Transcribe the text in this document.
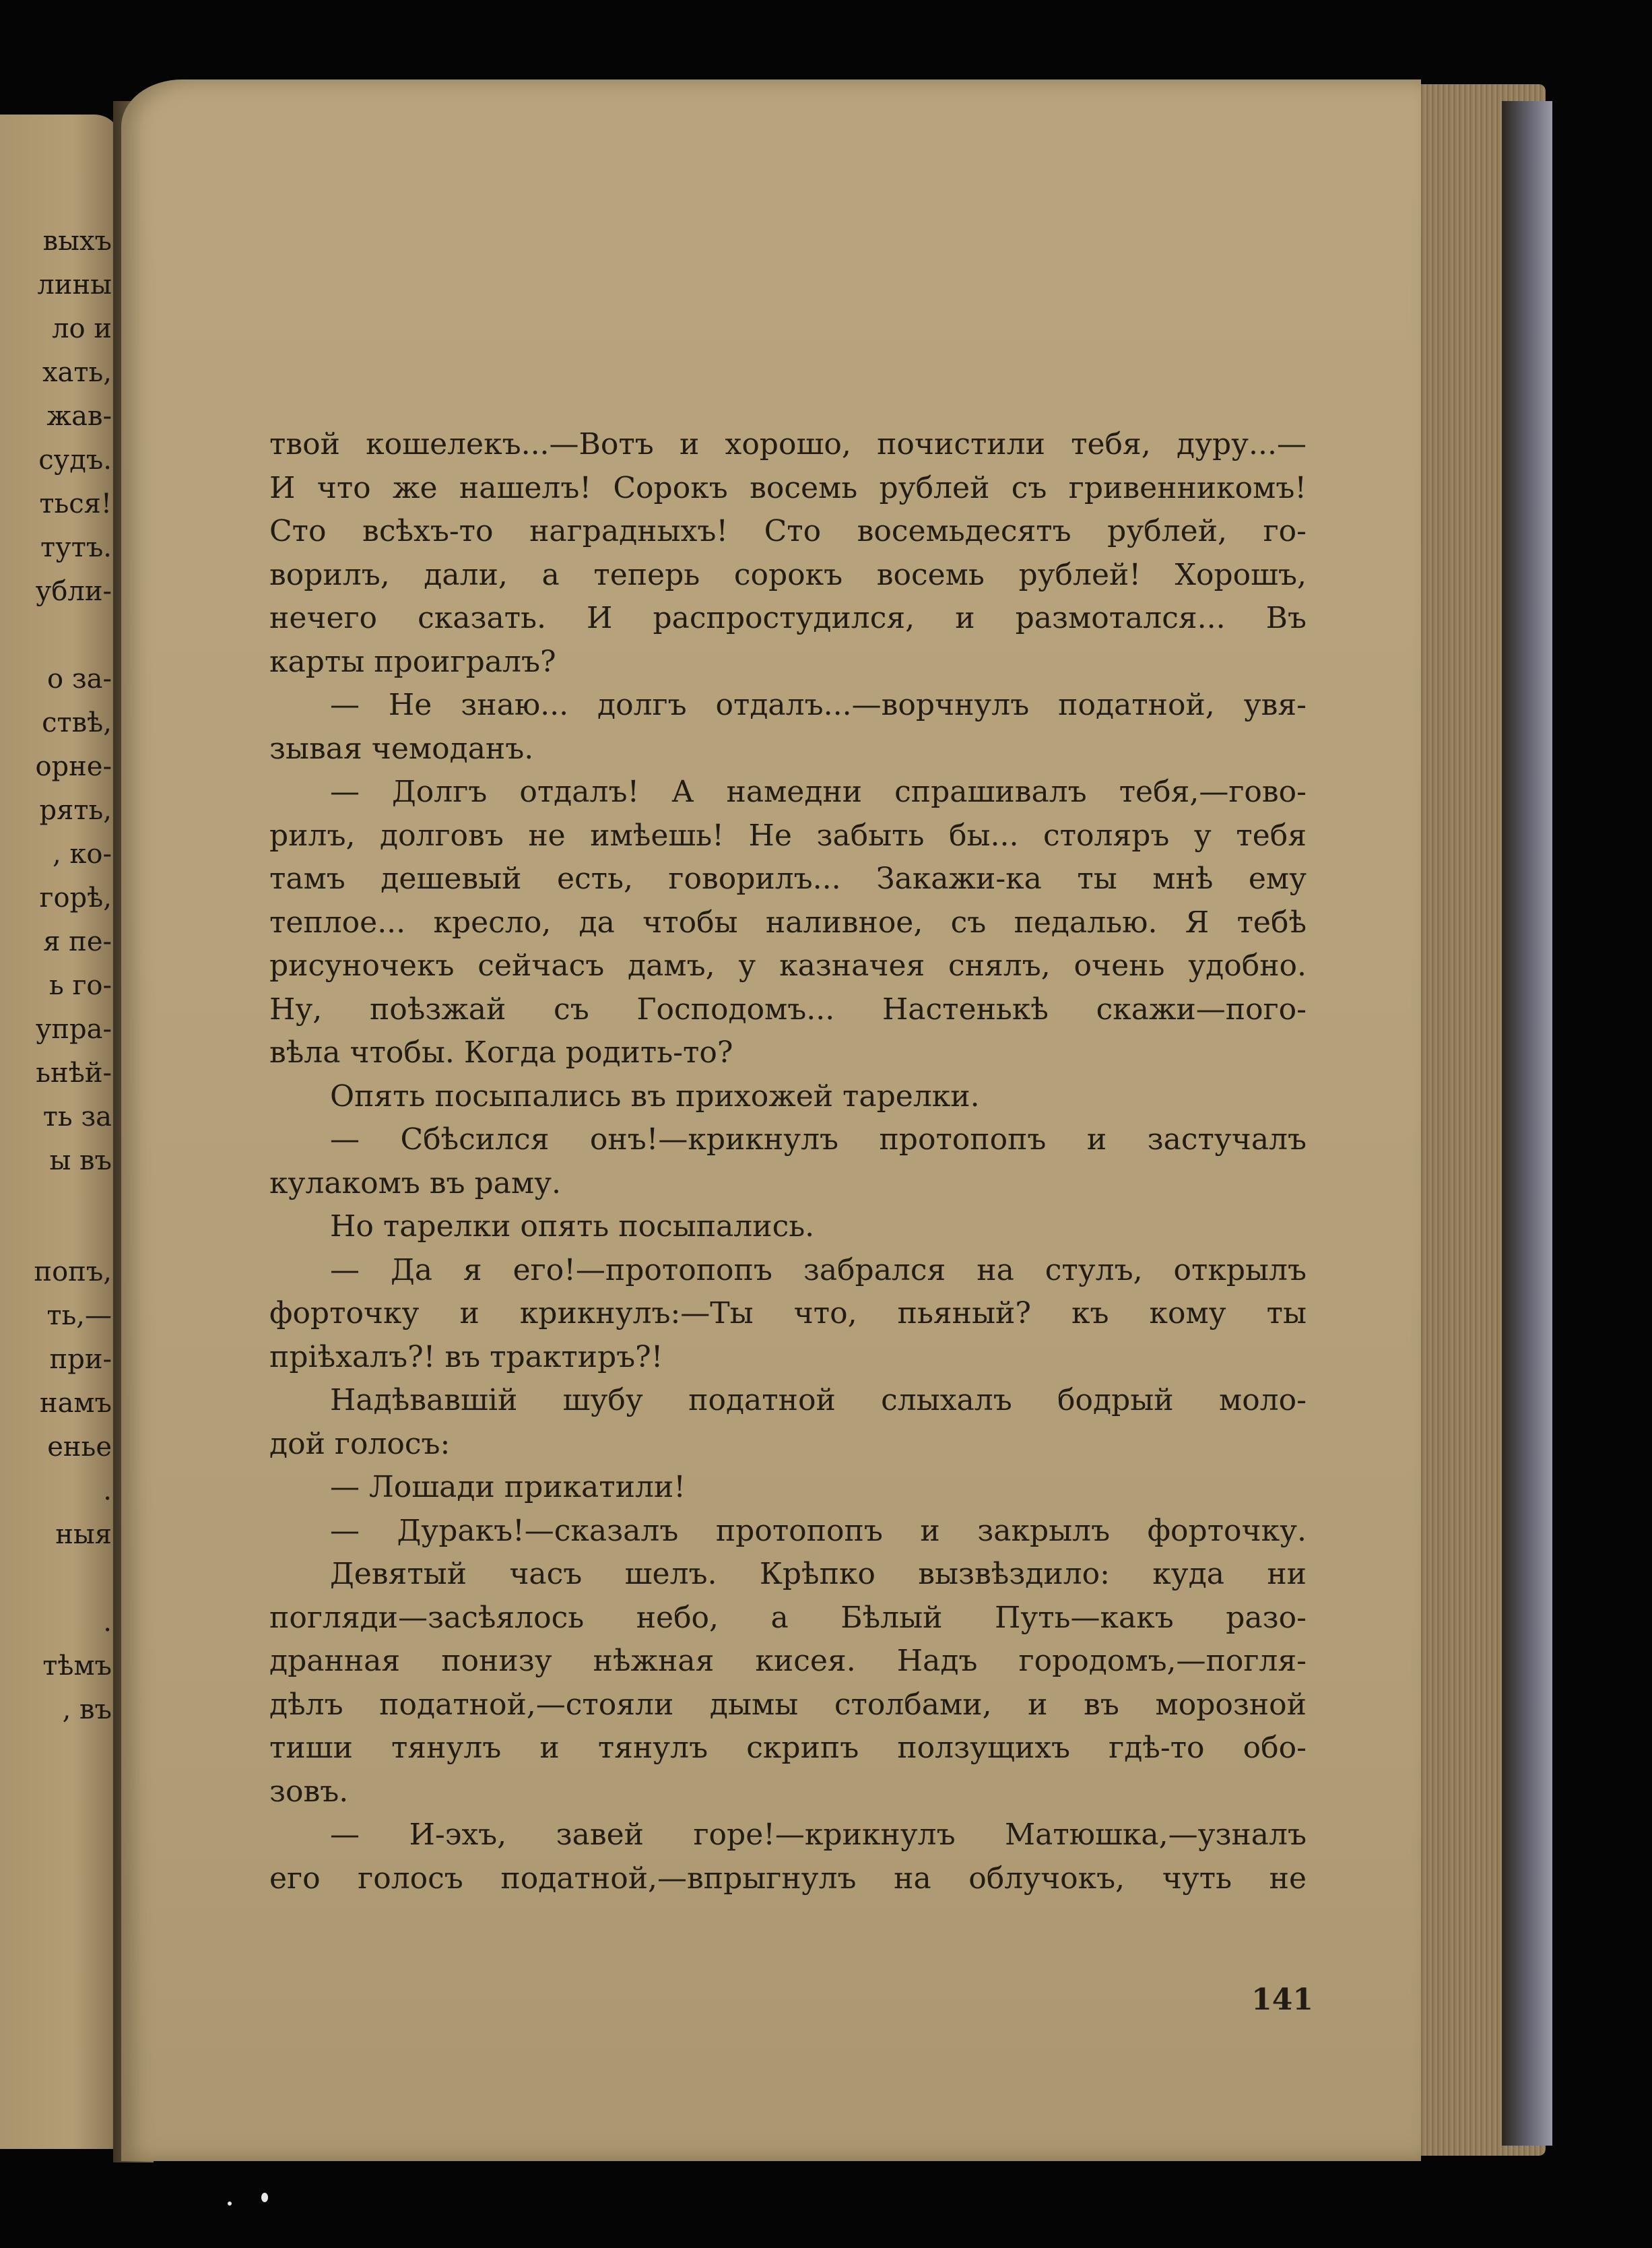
выхъ
лины
ло и
хать,
жав-
судъ.
ться!
тутъ.
убли-
о за-
ствѣ,
орне-
рять,
, ко-
горѣ,
я пе-
ь го-
упра-
ьнѣй-
ть за
ы въ
попъ,
ть,—
при-
намъ
енье
.
ныя
.
тѣмъ
, въ
твой кошелекъ...—Вотъ и хорошо, почистили тебя, дуру...—
И что же нашелъ! Сорокъ восемь рублей съ гривенникомъ!
Сто всѣхъ-то наградныхъ! Сто восемьдесятъ рублей, го-
ворилъ, дали, а теперь сорокъ восемь рублей! Хорошъ,
нечего сказать. И распростудился, и размотался... Въ
карты проигралъ?
— Не знаю... долгъ отдалъ...—ворчнулъ податной, увя-
зывая чемоданъ.
— Долгъ отдалъ! А намедни спрашивалъ тебя,—гово-
рилъ, долговъ не имѣешь! Не забыть бы... столяръ у тебя
тамъ дешевый есть, говорилъ... Закажи-ка ты мнѣ ему
теплое... кресло, да чтобы наливное, съ педалью. Я тебѣ
рисуночекъ сейчасъ дамъ, у казначея снялъ, очень удобно.
Ну, поѣзжай съ Господомъ... Настенькѣ скажи—пого-
вѣла чтобы. Когда родить-то?
Опять посыпались въ прихожей тарелки.
— Сбѣсился онъ!—крикнулъ протопопъ и застучалъ
кулакомъ въ раму.
Но тарелки опять посыпались.
— Да я его!—протопопъ забрался на стулъ, открылъ
форточку и крикнулъ:—Ты что, пьяный? къ кому ты
пріѣхалъ?! въ трактиръ?!
Надѣвавшій шубу податной слыхалъ бодрый моло-
дой голосъ:
— Лошади прикатили!
— Дуракъ!—сказалъ протопопъ и закрылъ форточку.
Девятый часъ шелъ. Крѣпко вызвѣздило: куда ни
погляди—засѣялось небо, а Бѣлый Путь—какъ разо-
дранная понизу нѣжная кисея. Надъ городомъ,—погля-
дѣлъ податной,—стояли дымы столбами, и въ морозной
тиши тянулъ и тянулъ скрипъ ползущихъ гдѣ-то обо-
зовъ.
— И-эхъ, завей горе!—крикнулъ Матюшка,—узналъ
его голосъ податной,—впрыгнулъ на облучокъ, чуть не
141
